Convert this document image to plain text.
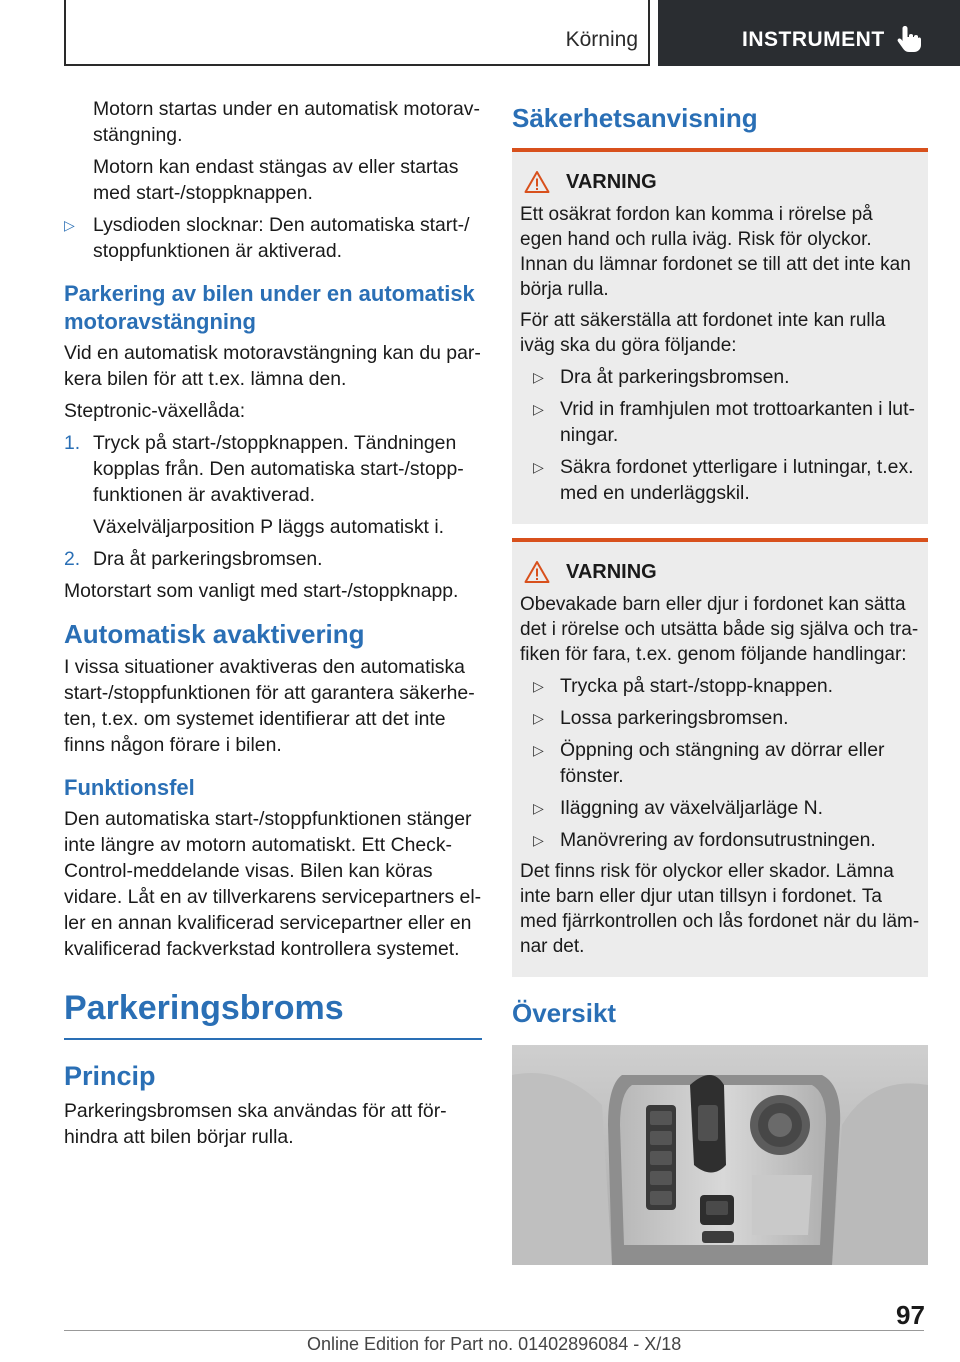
Körning	INSTRUMENT

Motorn startas under en automatisk motoravstängning.

Motorn kan endast stängas av eller startas med start-/stoppknappen.

▷ Lysdioden slocknar: Den automatiska start-/ stoppfunktionen är aktiverad.
Parkering av bilen under en automatisk motoravstängning

Vid en automatisk motoravstängning kan du parkera bilen för att t.ex. lämna den.

Steptronic-växellåda:

1. Tryck på start-/stoppknappen. Tändningen kopplas från. Den automatiska start-/stoppfunktionen är avaktiverad.

Växelväljarposition P läggs automatiskt i.

2. Dra åt parkeringsbromsen.

Motorstart som vanligt med start-/stoppknapp.

Automatisk avaktivering

I vissa situationer avaktiveras den automatiska start-/stoppfunktionen för att garantera säkerheten, t.ex. om systemet identifierar att det inte finns någon förare i bilen.

Funktionsfel

Den automatiska start-/stoppfunktionen stänger inte längre av motorn automatiskt. Ett Check-Control-meddelande visas. Bilen kan köras vidare. Låt en av tillverkarens servicepartners eller en annan kvalificerad servicepartner eller en kvalificerad fackverkstad kontrollera systemet.

Parkeringsbroms
Princip

Parkeringsbromsen ska användas för att förhindra att bilen börjar rulla.

Säkerhetsanvisning
VARNING

Ett osäkrat fordon kan komma i rörelse på egen hand och rulla iväg. Risk för olyckor. Innan du lämnar fordonet se till att det inte kan börja rulla.

För att säkerställa att fordonet inte kan rulla iväg ska du göra följande:

▷ Dra åt parkeringsbromsen.
▷ Vrid in framhjulen mot trottoarkanten i lutningar.
▷ Säkra fordonet ytterligare i lutningar, t.ex. med en underläggskil.
VARNING

Obevakade barn eller djur i fordonet kan sätta det i rörelse och utsätta både sig själva och trafiken för fara, t.ex. genom följande handlingar:

▷ Trycka på start-/stopp-knappen.
▷ Lossa parkeringsbromsen.
▷ Öppning och stängning av dörrar eller fönster.
▷ Iläggning av växelväljarläge N.
▷ Manövrering av fordonsutrustningen.

Det finns risk för olyckor eller skador. Lämna inte barn eller djur utan tillsyn i fordonet. Ta med fjärrkontrollen och lås fordonet när du lämnar det.

Översikt
97
Online Edition for Part no. 01402896084 - X/18
